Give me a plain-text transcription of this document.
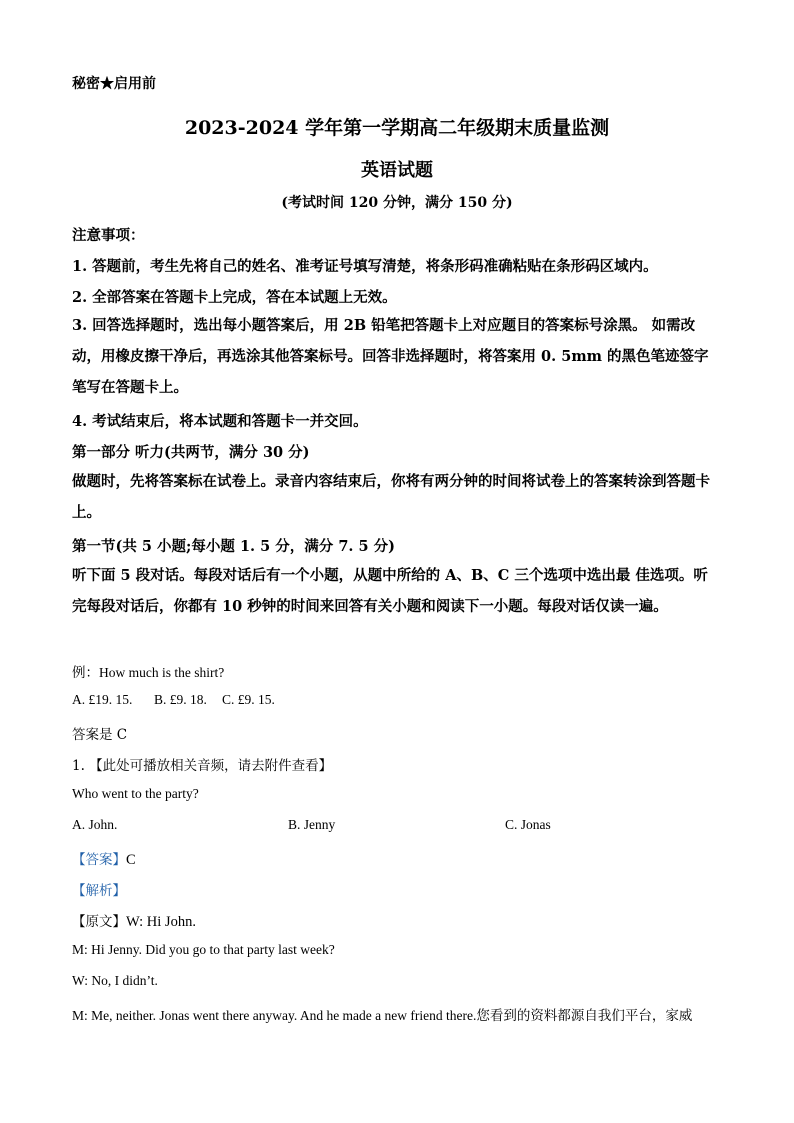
秘密★启用前
2023-2024 学年第一学期高二年级期末质量监测
英语试题
(考试时间 120 分钟，满分 150 分)
注意事项：
1. 答题前，考生先将自己的姓名、准考证号填写清楚，将条形码准确粘贴在条形码区域内。
2. 全部答案在答题卡上完成，答在本试题上无效。
3. 回答选择题时，选出每小题答案后，用 2B 铅笔把答题卡上对应题目的答案标号涂黑。 如需改动，用橡皮擦干净后，再选涂其他答案标号。回答非选择题时，将答案用 0. 5mm 的黑色笔迹签字笔写在答题卡上。
4. 考试结束后，将本试题和答题卡一并交回。
第一部分 听力(共两节，满分 30 分)
做题时，先将答案标在试卷上。录音内容结束后，你将有两分钟的时间将试卷上的答案转涂到答题卡上。
第一节(共 5 小题;每小题 1. 5 分，满分 7. 5 分)
听下面 5 段对话。每段对话后有一个小题，从题中所给的 A、B、C 三个选项中选出最 佳选项。听完每段对话后，你都有 10 秒钟的时间来回答有关小题和阅读下一小题。每段对话仅读一遍。
例：How much is the shirt?
A. £19. 15. B. £9. 18. C. £9. 15.
答案是 C
1. 【此处可播放相关音频，请去附件查看】
Who went to the party?
A. John.	B. Jenny	C. Jonas
【答案】C
【解析】
【原文】W: Hi John.
M: Hi Jenny. Did you go to that party last week?
W: No, I didn’t.
M: Me, neither. Jonas went there anyway. And he made a new friend there.您看到的资料都源自我们平台，家威
